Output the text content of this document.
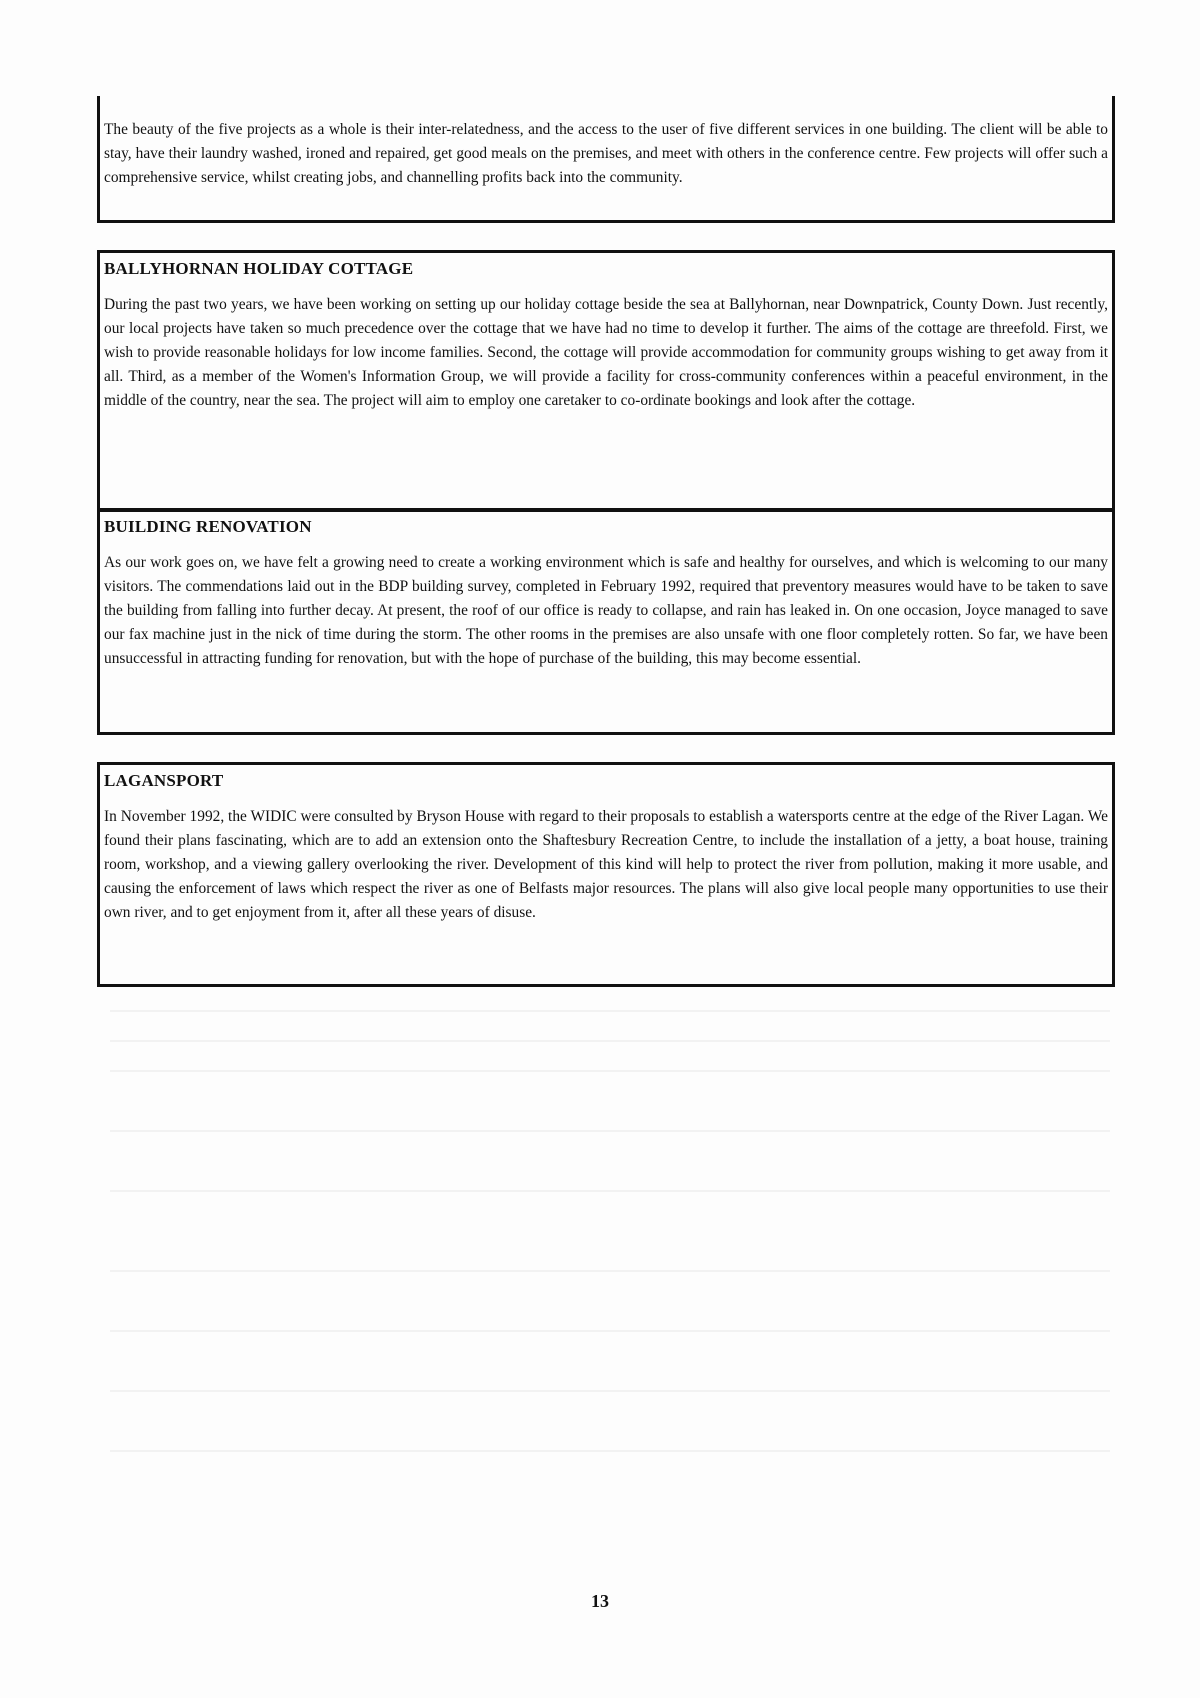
The beauty of the five projects as a whole is their inter-relatedness, and the access to the user of five different services in one building. The client will be able to stay, have their laundry washed, ironed and repaired, get good meals on the premises, and meet with others in the conference centre. Few projects will offer such a comprehensive service, whilst creating jobs, and channelling profits back into the community.

BALLYHORNAN HOLIDAY COTTAGE

During the past two years, we have been working on setting up our holiday cottage beside the sea at Ballyhornan, near Downpatrick, County Down. Just recently, our local projects have taken so much precedence over the cottage that we have had no time to develop it further. The aims of the cottage are threefold. First, we wish to provide reasonable holidays for low income families. Second, the cottage will provide accommodation for community groups wishing to get away from it all. Third, as a member of the Women's Information Group, we will provide a facility for cross-community conferences within a peaceful environment, in the middle of the country, near the sea. The project will aim to employ one caretaker to co-ordinate bookings and look after the cottage.

BUILDING RENOVATION

As our work goes on, we have felt a growing need to create a working environment which is safe and healthy for ourselves, and which is welcoming to our many visitors. The commendations laid out in the BDP building survey, completed in February 1992, required that preventory measures would have to be taken to save the building from falling into further decay. At present, the roof of our office is ready to collapse, and rain has leaked in. On one occasion, Joyce managed to save our fax machine just in the nick of time during the storm. The other rooms in the premises are also unsafe with one floor completely rotten. So far, we have been unsuccessful in attracting funding for renovation, but with the hope of purchase of the building, this may become essential.

LAGANSPORT

In November 1992, the WIDIC were consulted by Bryson House with regard to their proposals to establish a watersports centre at the edge of the River Lagan. We found their plans fascinating, which are to add an extension onto the Shaftesbury Recreation Centre, to include the installation of a jetty, a boat house, training room, workshop, and a viewing gallery overlooking the river. Development of this kind will help to protect the river from pollution, making it more usable, and causing the enforcement of laws which respect the river as one of Belfasts major resources. The plans will also give local people many opportunities to use their own river, and to get enjoyment from it, after all these years of disuse.

13
